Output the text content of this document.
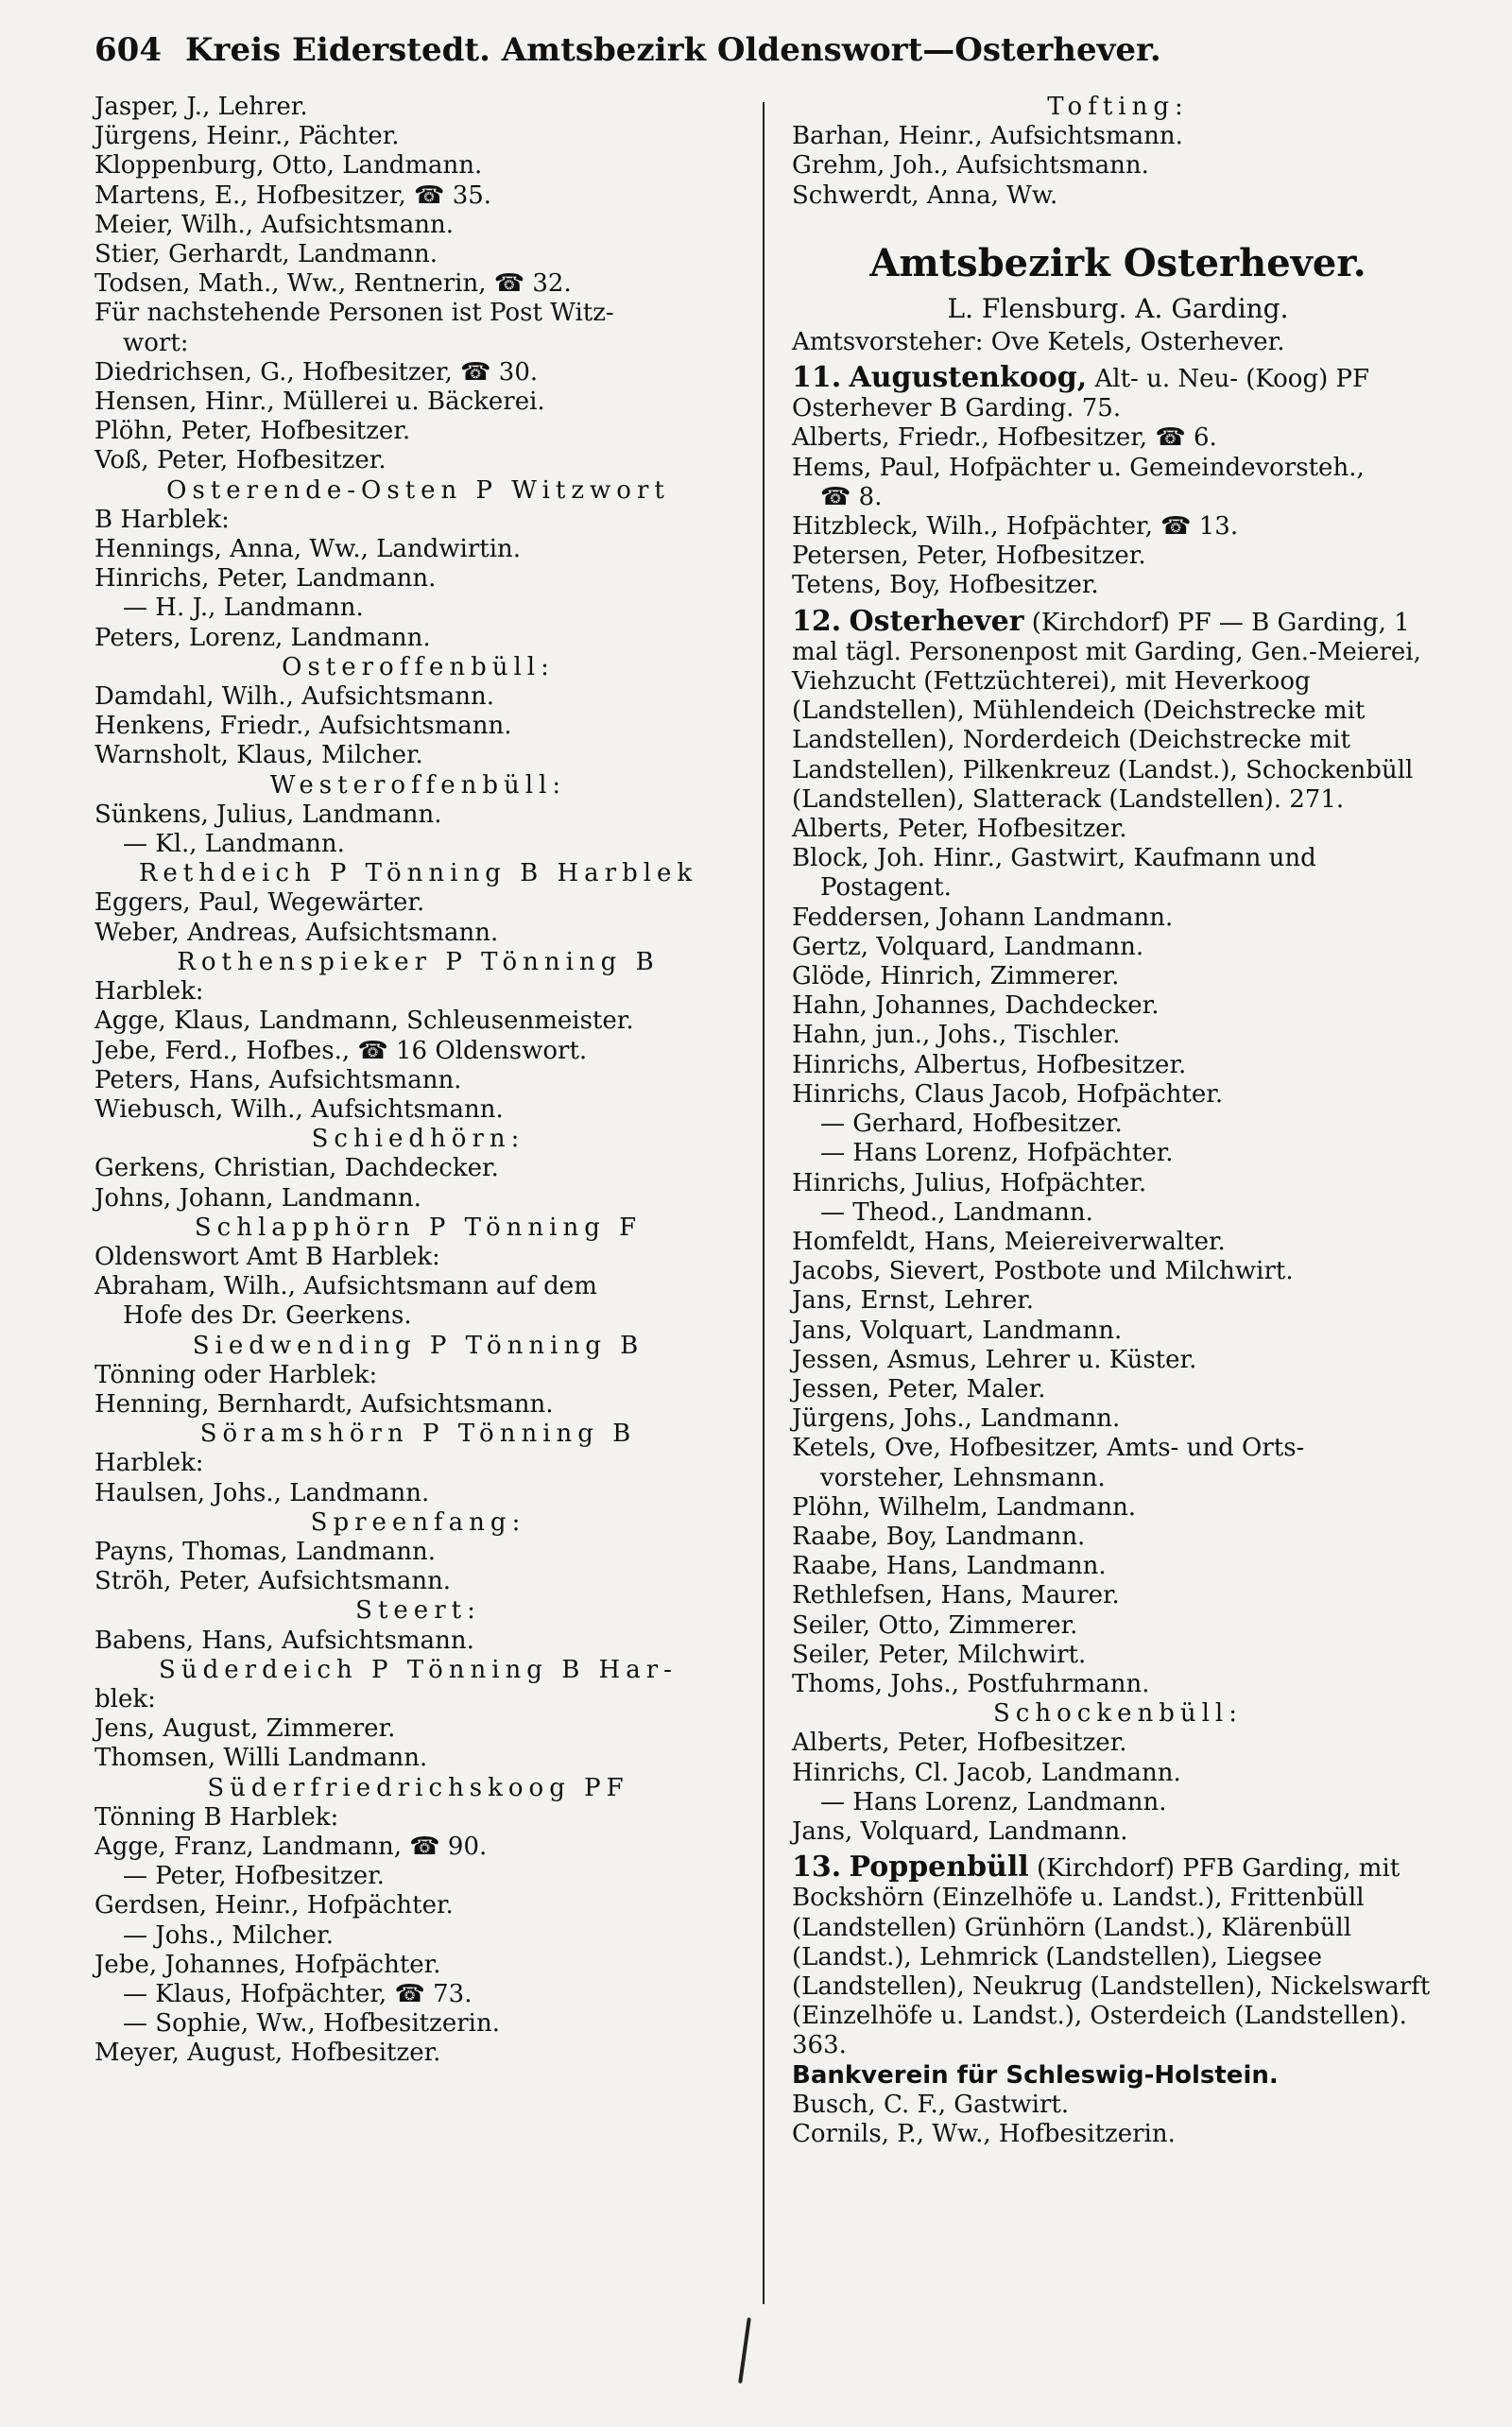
604 Kreis Eiderstedt. Amtsbezirk Oldenswort—Osterhever.
Jasper, J., Lehrer.
Jürgens, Heinr., Pächter.
Kloppenburg, Otto, Landmann.
Martens, E., Hofbesitzer, ☎ 35.
Meier, Wilh., Aufsichtsmann.
Stier, Gerhardt, Landmann.
Todsen, Math., Ww., Rentnerin, ☎ 32.
Für nachstehende Personen ist Post Witz-
wort:
Diedrichsen, G., Hofbesitzer, ☎ 30.
Hensen, Hinr., Müllerei u. Bäckerei.
Plöhn, Peter, Hofbesitzer.
Voß, Peter, Hofbesitzer.
Osterende-Osten P Witzwort
B Harblek:
Hennings, Anna, Ww., Landwirtin.
Hinrichs, Peter, Landmann.
— H. J., Landmann.
Peters, Lorenz, Landmann.
Osteroffenbüll:
Damdahl, Wilh., Aufsichtsmann.
Henkens, Friedr., Aufsichtsmann.
Warnsholt, Klaus, Milcher.
Westeroffenbüll:
Sünkens, Julius, Landmann.
— Kl., Landmann.
Rethdeich P Tönning B Harblek
Eggers, Paul, Wegewärter.
Weber, Andreas, Aufsichtsmann.
Rothenspieker P Tönning B
Harblek:
Agge, Klaus, Landmann, Schleusenmeister.
Jebe, Ferd., Hofbes., ☎ 16 Oldenswort.
Peters, Hans, Aufsichtsmann.
Wiebusch, Wilh., Aufsichtsmann.
Schiedhörn:
Gerkens, Christian, Dachdecker.
Johns, Johann, Landmann.
Schlapphörn P Tönning F
Oldenswort Amt B Harblek:
Abraham, Wilh., Aufsichtsmann auf dem
Hofe des Dr. Geerkens.
Siedwending P Tönning B
Tönning oder Harblek:
Henning, Bernhardt, Aufsichtsmann.
Söramshörn P Tönning B
Harblek:
Haulsen, Johs., Landmann.
Spreenfang:
Payns, Thomas, Landmann.
Ströh, Peter, Aufsichtsmann.
Steert:
Babens, Hans, Aufsichtsmann.
Süderdeich P Tönning B Har-
blek:
Jens, August, Zimmerer.
Thomsen, Willi Landmann.
Süderfriedrichskoog PF
Tönning B Harblek:
Agge, Franz, Landmann, ☎ 90.
— Peter, Hofbesitzer.
Gerdsen, Heinr., Hofpächter.
— Johs., Milcher.
Jebe, Johannes, Hofpächter.
— Klaus, Hofpächter, ☎ 73.
— Sophie, Ww., Hofbesitzerin.
Meyer, August, Hofbesitzer.
Tofting:
Barhan, Heinr., Aufsichtsmann.
Grehm, Joh., Aufsichtsmann.
Schwerdt, Anna, Ww.
Amtsbezirk Osterhever.
L. Flensburg. A. Garding.
Amtsvorsteher: Ove Ketels, Osterhever.
11. Augustenkoog, Alt- u. Neu- (Koog) PF Osterhever B Garding. 75.
Alberts, Friedr., Hofbesitzer, ☎ 6.
Hems, Paul, Hofpächter u. Gemeindevorsteh.,
☎ 8.
Hitzbleck, Wilh., Hofpächter, ☎ 13.
Petersen, Peter, Hofbesitzer.
Tetens, Boy, Hofbesitzer.
12. Osterhever (Kirchdorf) PF — B Garding, 1 mal tägl. Personenpost mit Garding, Gen.-Meierei, Viehzucht (Fettzüchterei), mit Heverkoog (Landstellen), Mühlendeich (Deichstrecke mit Landstellen), Norderdeich (Deichstrecke mit Landstellen), Pilkenkreuz (Landst.), Schockenbüll (Landstellen), Slatterack (Landstellen). 271.
Alberts, Peter, Hofbesitzer.
Block, Joh. Hinr., Gastwirt, Kaufmann und
Postagent.
Feddersen, Johann Landmann.
Gertz, Volquard, Landmann.
Glöde, Hinrich, Zimmerer.
Hahn, Johannes, Dachdecker.
Hahn, jun., Johs., Tischler.
Hinrichs, Albertus, Hofbesitzer.
Hinrichs, Claus Jacob, Hofpächter.
— Gerhard, Hofbesitzer.
— Hans Lorenz, Hofpächter.
Hinrichs, Julius, Hofpächter.
— Theod., Landmann.
Homfeldt, Hans, Meiereiverwalter.
Jacobs, Sievert, Postbote und Milchwirt.
Jans, Ernst, Lehrer.
Jans, Volquart, Landmann.
Jessen, Asmus, Lehrer u. Küster.
Jessen, Peter, Maler.
Jürgens, Johs., Landmann.
Ketels, Ove, Hofbesitzer, Amts- und Orts-
vorsteher, Lehnsmann.
Plöhn, Wilhelm, Landmann.
Raabe, Boy, Landmann.
Raabe, Hans, Landmann.
Rethlefsen, Hans, Maurer.
Seiler, Otto, Zimmerer.
Seiler, Peter, Milchwirt.
Thoms, Johs., Postfuhrmann.
Schockenbüll:
Alberts, Peter, Hofbesitzer.
Hinrichs, Cl. Jacob, Landmann.
— Hans Lorenz, Landmann.
Jans, Volquard, Landmann.
13. Poppenbüll (Kirchdorf) PFB Garding, mit Bockshörn (Einzelhöfe u. Landst.), Frittenbüll (Landstellen) Grünhörn (Landst.), Klärenbüll (Landst.), Lehmrick (Landstellen), Liegsee (Landstellen), Neukrug (Landstellen), Nickelswarft (Einzelhöfe u. Landst.), Osterdeich (Landstellen). 363.
Bankverein für Schleswig-Holstein.
Busch, C. F., Gastwirt.
Cornils, P., Ww., Hofbesitzerin.
